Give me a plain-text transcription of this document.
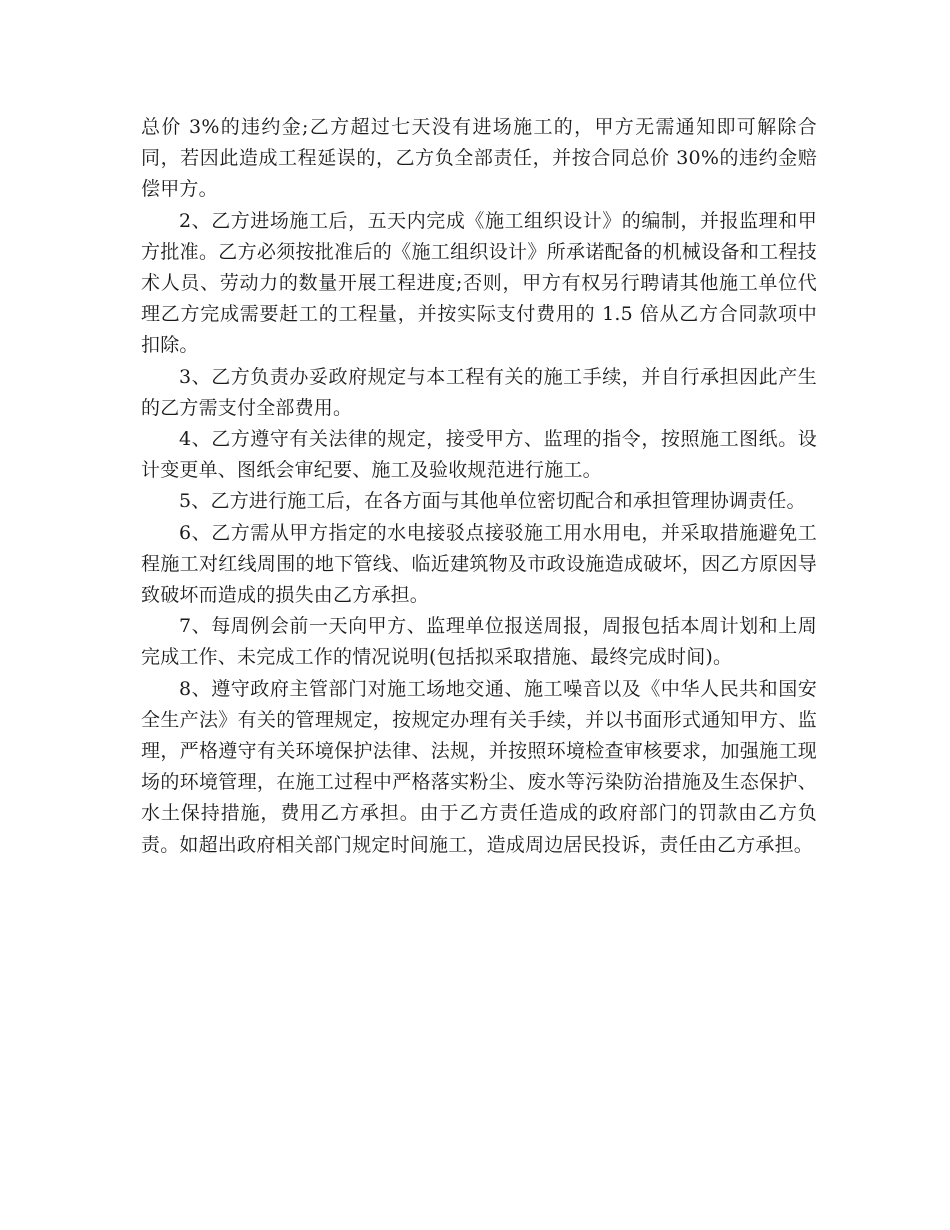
总价 3%的违约金;乙方超过七天没有进场施工的，甲方无需通知即可解除合同，若因此造成工程延误的，乙方负全部责任，并按合同总价 30%的违约金赔偿甲方。

2、乙方进场施工后，五天内完成《施工组织设计》的编制，并报监理和甲方批准。乙方必须按批准后的《施工组织设计》所承诺配备的机械设备和工程技术人员、劳动力的数量开展工程进度;否则，甲方有权另行聘请其他施工单位代理乙方完成需要赶工的工程量，并按实际支付费用的 1.5 倍从乙方合同款项中扣除。

3、乙方负责办妥政府规定与本工程有关的施工手续，并自行承担因此产生的乙方需支付全部费用。

4、乙方遵守有关法律的规定，接受甲方、监理的指令，按照施工图纸。设计变更单、图纸会审纪要、施工及验收规范进行施工。

5、乙方进行施工后，在各方面与其他单位密切配合和承担管理协调责任。

6、乙方需从甲方指定的水电接驳点接驳施工用水用电，并采取措施避免工程施工对红线周围的地下管线、临近建筑物及市政设施造成破坏，因乙方原因导致破坏而造成的损失由乙方承担。

7、每周例会前一天向甲方、监理单位报送周报，周报包括本周计划和上周完成工作、未完成工作的情况说明(包括拟采取措施、最终完成时间)。

8、遵守政府主管部门对施工场地交通、施工噪音以及《中华人民共和国安全生产法》有关的管理规定，按规定办理有关手续，并以书面形式通知甲方、监理，严格遵守有关环境保护法律、法规，并按照环境检查审核要求，加强施工现场的环境管理，在施工过程中严格落实粉尘、废水等污染防治措施及生态保护、水土保持措施，费用乙方承担。由于乙方责任造成的政府部门的罚款由乙方负责。如超出政府相关部门规定时间施工，造成周边居民投诉，责任由乙方承担。
